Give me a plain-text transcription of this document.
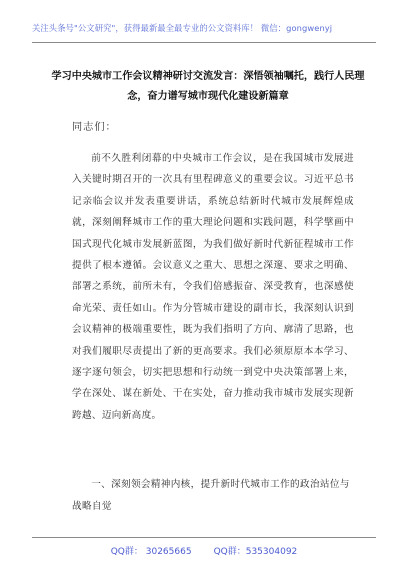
关注头条号"公文研究"，获得最新最全最专业的公文资料库！ 微信：gongwenyj
学习中央城市工作会议精神研讨交流发言：深悟领袖嘱托，践行人民理念，奋力谱写城市现代化建设新篇章
同志们：

前不久胜利闭幕的中央城市工作会议，是在我国城市发展进入关键时期召开的一次具有里程碑意义的重要会议。习近平总书记亲临会议并发表重要讲话，系统总结新时代城市发展辉煌成就，深刻阐释城市工作的重大理论问题和实践问题，科学擘画中国式现代化城市发展新蓝图，为我们做好新时代新征程城市工作提供了根本遵循。会议意义之重大、思想之深邃、要求之明确、部署之系统，前所未有，令我们倍感振奋、深受教育，也深感使命光荣、责任如山。作为分管城市建设的副市长，我深刻认识到会议精神的极端重要性，既为我们指明了方向、廓清了思路，也对我们履职尽责提出了新的更高要求。我们必须原原本本学习、逐字逐句领会，切实把思想和行动统一到党中央决策部署上来，学在深处、谋在新处、干在实处，奋力推动我市城市发展实现新跨越、迈向新高度。

一、深刻领会精神内核，提升新时代城市工作的政治站位与战略自觉
QQ群： 30265665 QQ群：535304092
